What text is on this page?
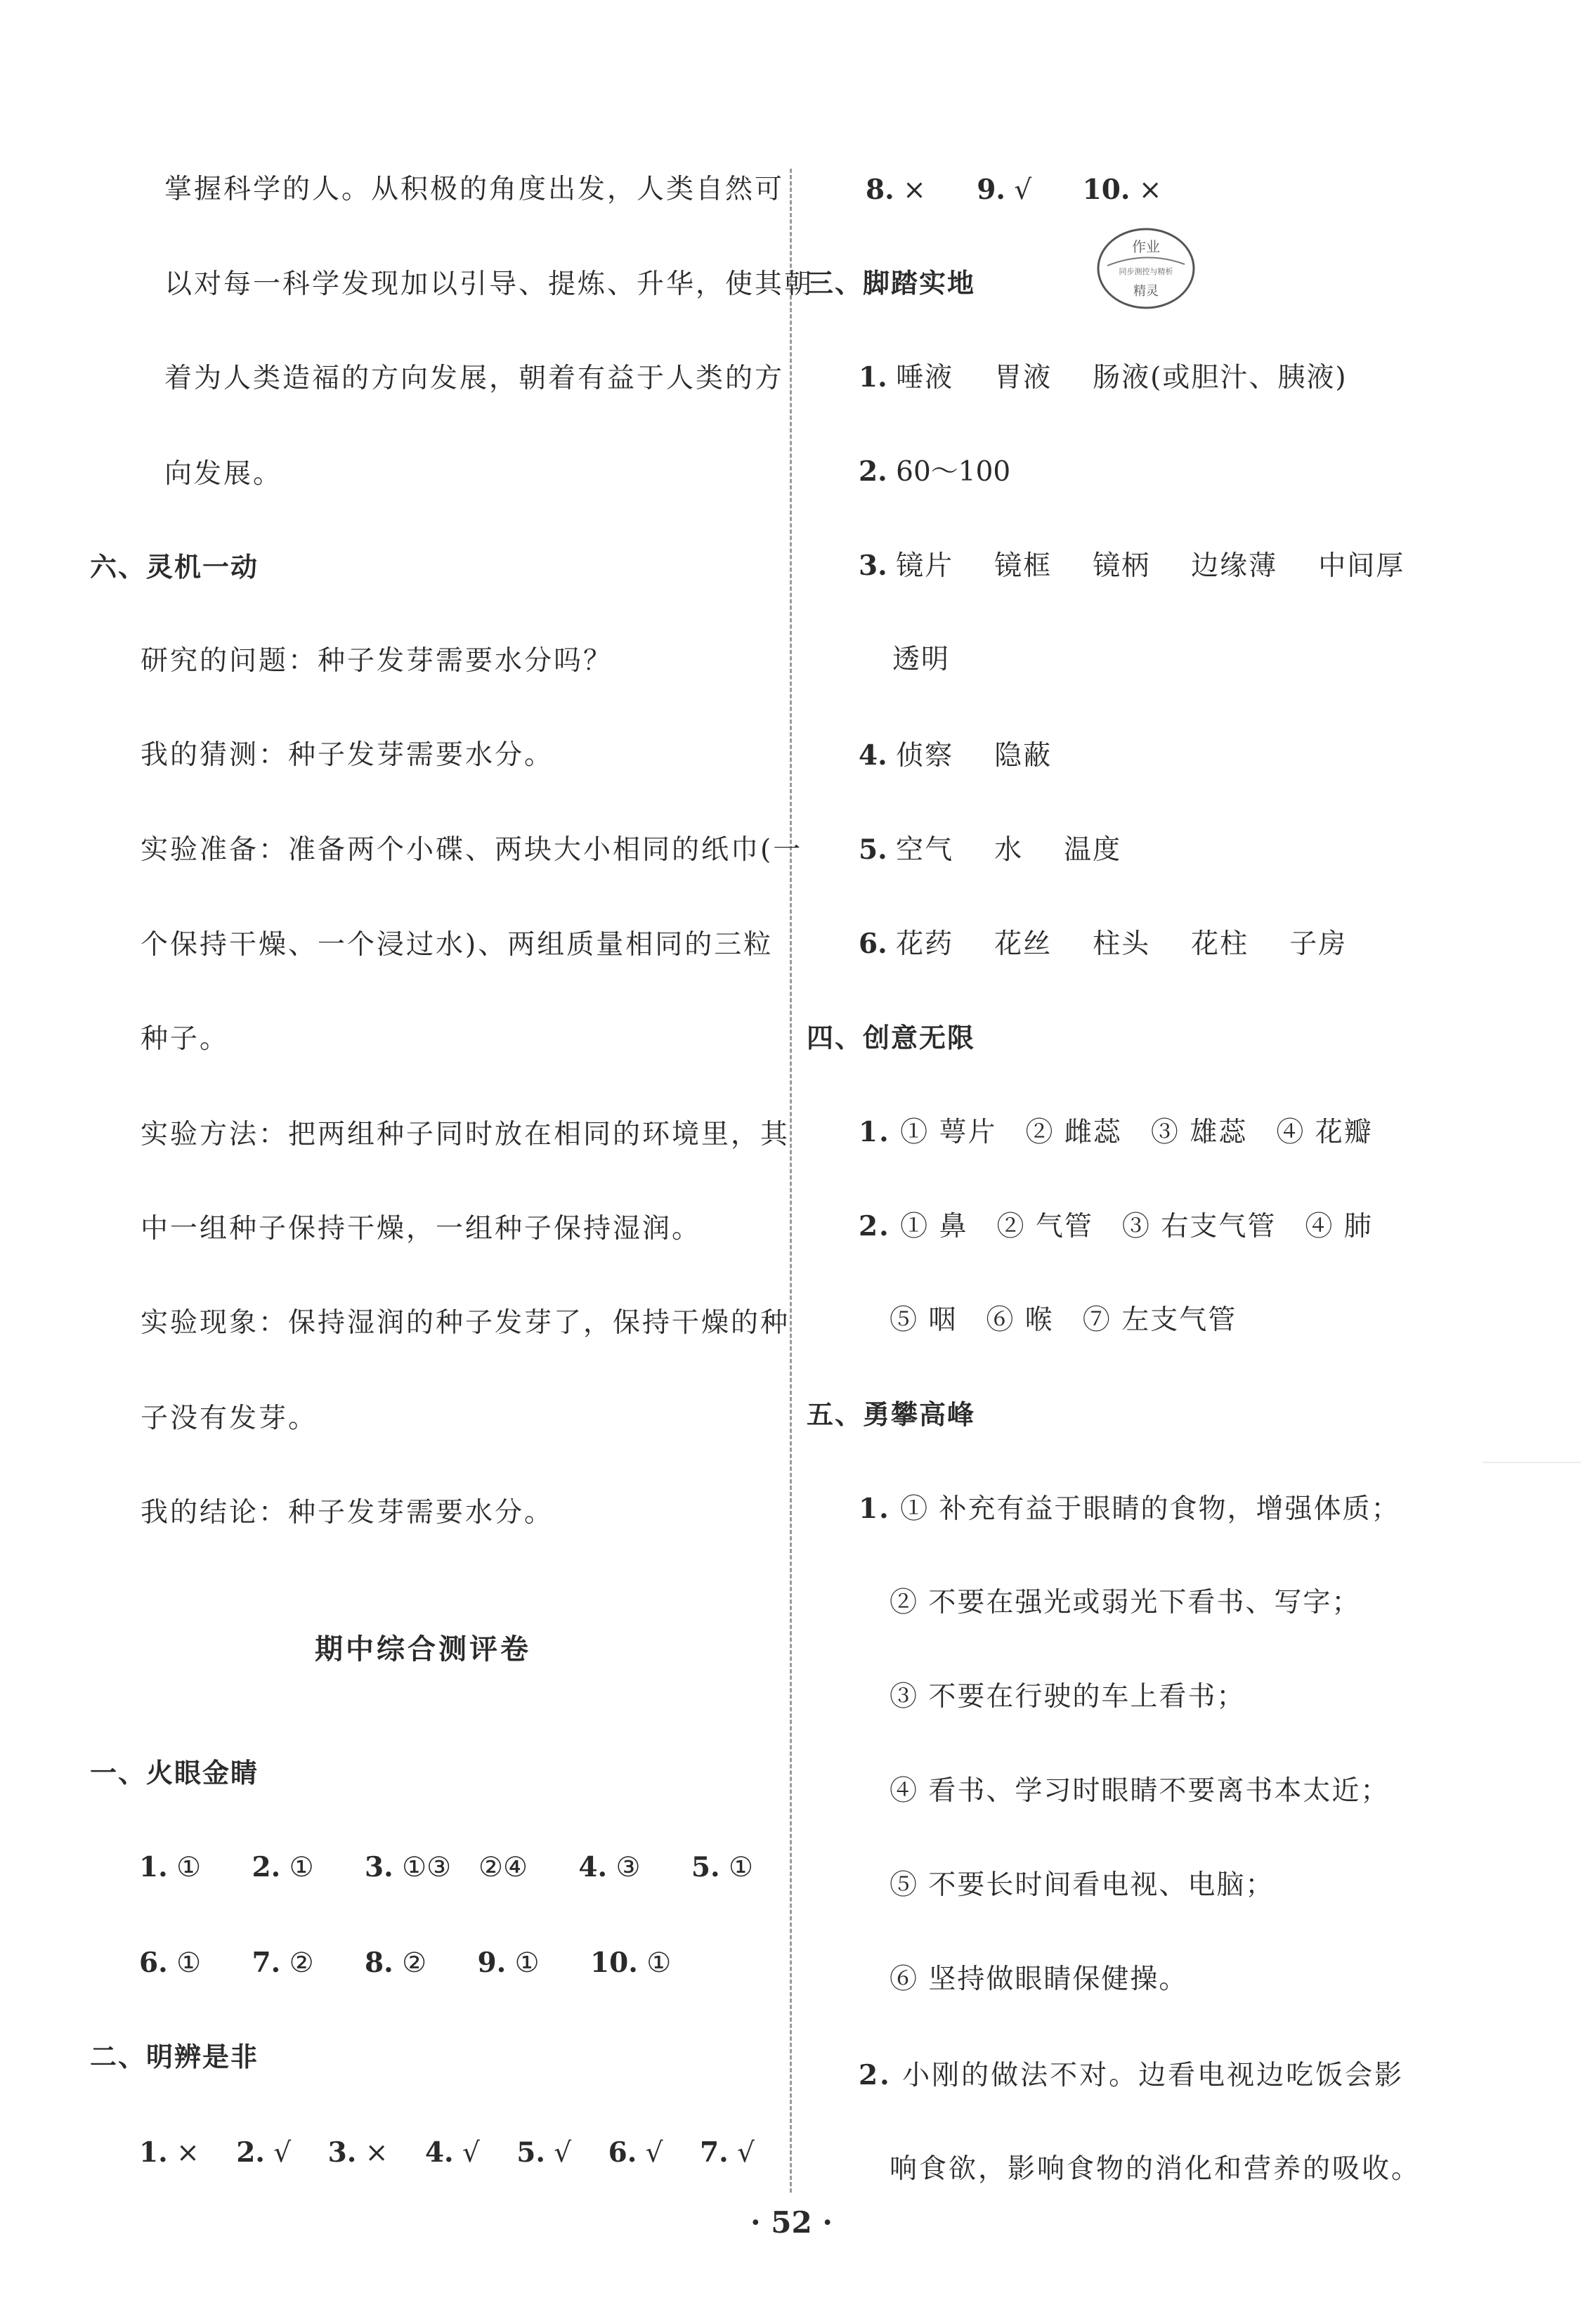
掌握科学的人。从积极的角度出发，人类自然可
以对每一科学发现加以引导、提炼、升华，使其朝
着为人类造福的方向发展，朝着有益于人类的方
向发展。
六、灵机一动
研究的问题：种子发芽需要水分吗？
我的猜测：种子发芽需要水分。
实验准备：准备两个小碟、两块大小相同的纸巾(一
个保持干燥、一个浸过水)、两组质量相同的三粒
种子。
实验方法：把两组种子同时放在相同的环境里，其
中一组种子保持干燥，一组种子保持湿润。
实验现象：保持湿润的种子发芽了，保持干燥的种
子没有发芽。
我的结论：种子发芽需要水分。
期中综合测评卷
一、火眼金睛
1. ① 2. ① 3. ①③　②④ 4. ③ 5. ①
6. ① 7. ② 8. ② 9. ① 10. ①
二、明辨是非
1. × 2. √ 3. × 4. √ 5. √ 6. √ 7. √
8. × 9. √ 10. ×
作业
同步测控与精析
精灵
三、脚踏实地
1. 唾液 胃液 肠液(或胆汁、胰液)
2. 60～100
3. 镜片 镜框 镜柄 边缘薄 中间厚
透明
4. 侦察 隐蔽
5. 空气 水 温度
6. 花药 花丝 柱头 花柱 子房
四、创意无限
1. ① 萼片　② 雌蕊　③ 雄蕊　④ 花瓣
2. ① 鼻　② 气管　③ 右支气管　④ 肺
⑤ 咽　⑥ 喉　⑦ 左支气管
五、勇攀高峰
1. ① 补充有益于眼睛的食物，增强体质；
② 不要在强光或弱光下看书、写字；
③ 不要在行驶的车上看书；
④ 看书、学习时眼睛不要离书本太近；
⑤ 不要长时间看电视、电脑；
⑥ 坚持做眼睛保健操。
2. 小刚的做法不对。边看电视边吃饭会影
响食欲，影响食物的消化和营养的吸收。
· 52 ·
